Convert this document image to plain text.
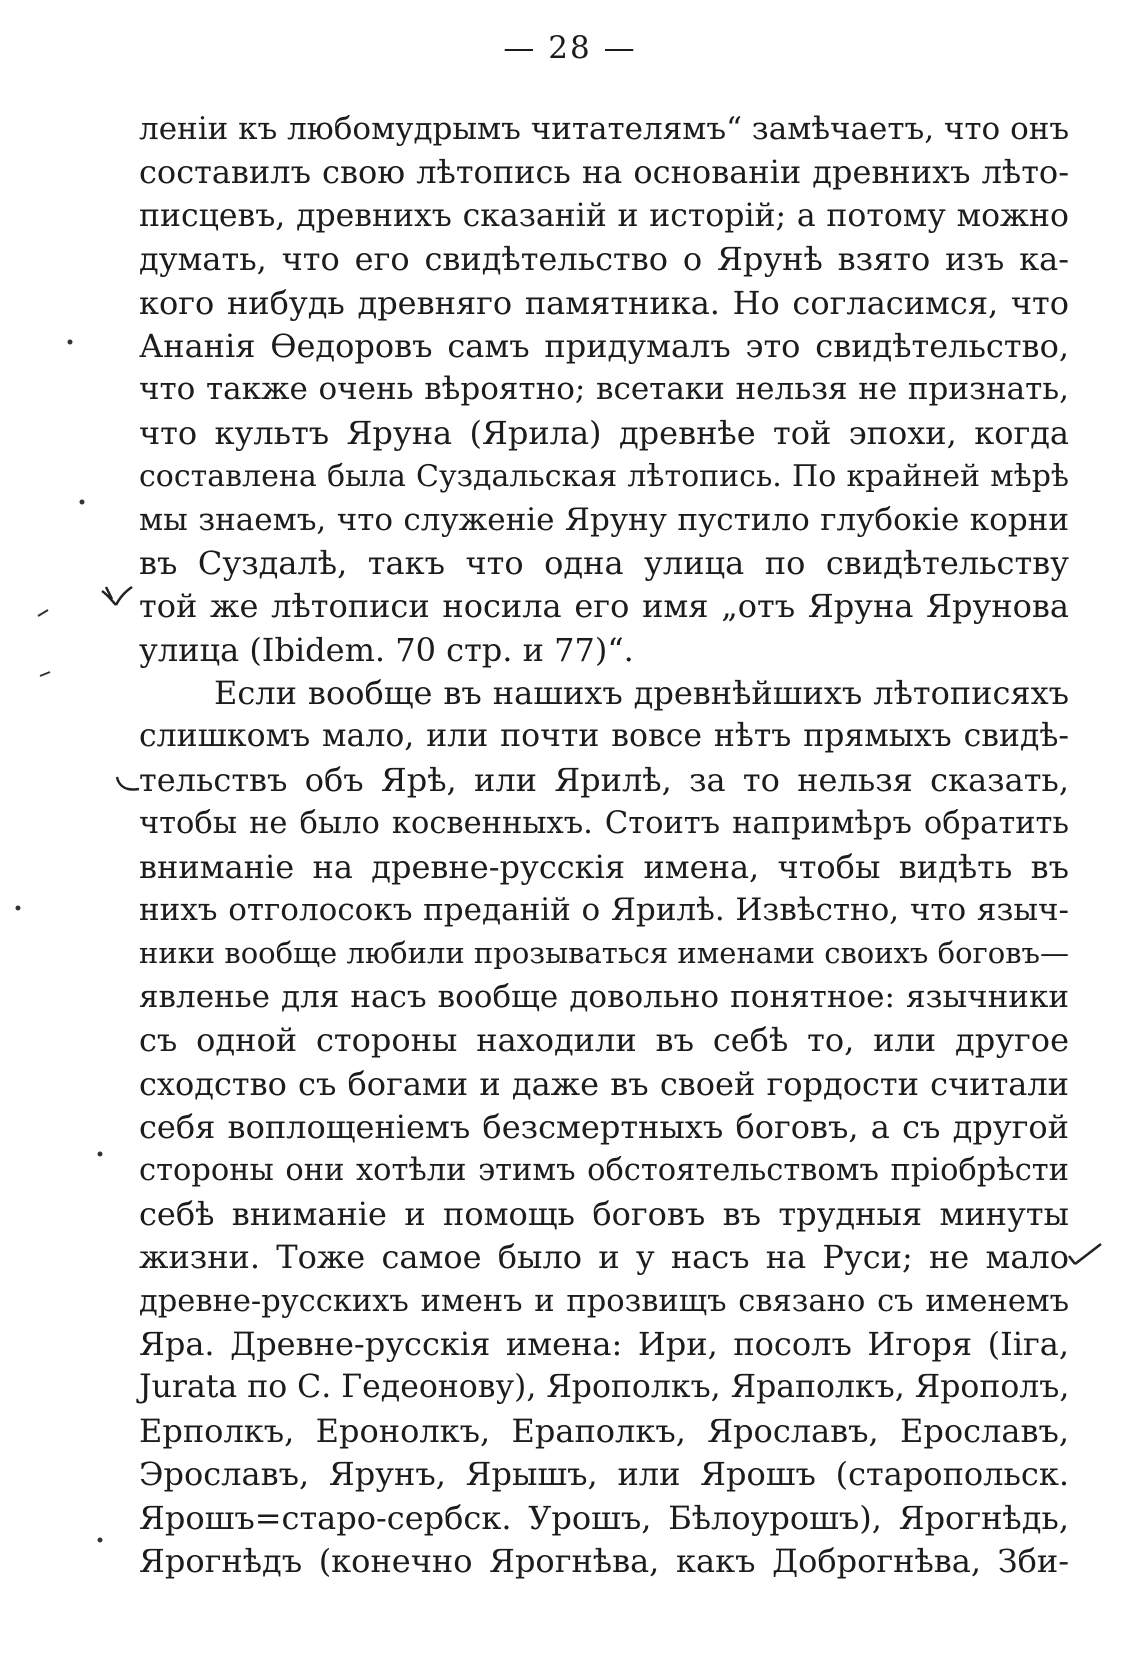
— 28 —
леніи къ любомудрымъ читателямъ“ замѣчаетъ, что онъ
составилъ свою лѣтопись на основаніи древнихъ лѣто-
писцевъ, древнихъ сказаній и исторій; а потому можно
думать, что его свидѣтельство о Ярунѣ взято изъ ка-
кого нибудь древняго памятника. Но согласимся, что
Ананія Ѳедоровъ самъ придумалъ это свидѣтельство,
что также очень вѣроятно; всетаки нельзя не признать,
что культъ Яруна (Ярила) древнѣе той эпохи, когда
составлена была Суздальская лѣтопись. По крайней мѣрѣ
мы знаемъ, что служеніе Яруну пустило глубокіе корни
въ Суздалѣ, такъ что одна улица по свидѣтельству
той же лѣтописи носила его имя „отъ Яруна Ярунова
улица (Ibidem. 70 стр. и 77)“.
Если вообще въ нашихъ древнѣйшихъ лѣтописяхъ
слишкомъ мало, или почти вовсе нѣтъ прямыхъ свидѣ-
тельствъ объ Ярѣ, или Ярилѣ, за то нельзя сказать,
чтобы не было косвенныхъ. Стоитъ напримѣръ обратить
вниманіе на древне-русскія имена, чтобы видѣть въ
нихъ отголосокъ преданій о Ярилѣ. Извѣстно, что языч-
ники вообще любили прозываться именами своихъ боговъ—
явленье для насъ вообще довольно понятное: язычники
съ одной стороны находили въ себѣ то, или другое
сходство съ богами и даже въ своей гордости считали
себя воплощеніемъ безсмертныхъ боговъ, а съ другой
стороны они хотѣли этимъ обстоятельствомъ пріобрѣсти
себѣ вниманіе и помощь боговъ въ трудныя минуты
жизни. Тоже самое было и у насъ на Руси; не мало
древне-русскихъ именъ и прозвищъ связано съ именемъ
Яра. Древне-русскія имена: Ири, посолъ Игоря (Iiга,
Jurata по С. Гедеонову), Ярополкъ, Яраполкъ, Ярополъ,
Ерполкъ, Еронолкъ, Ераполкъ, Ярославъ, Ерославъ,
Эрославъ, Ярунъ, Ярышъ, или Ярошъ (старопольск.
Ярошъ=старо-сербск. Урошъ, Бѣлоурошъ), Ярогнѣдь,
Ярогнѣдъ (конечно Ярогнѣва, какъ Доброгнѣва, Зби-
